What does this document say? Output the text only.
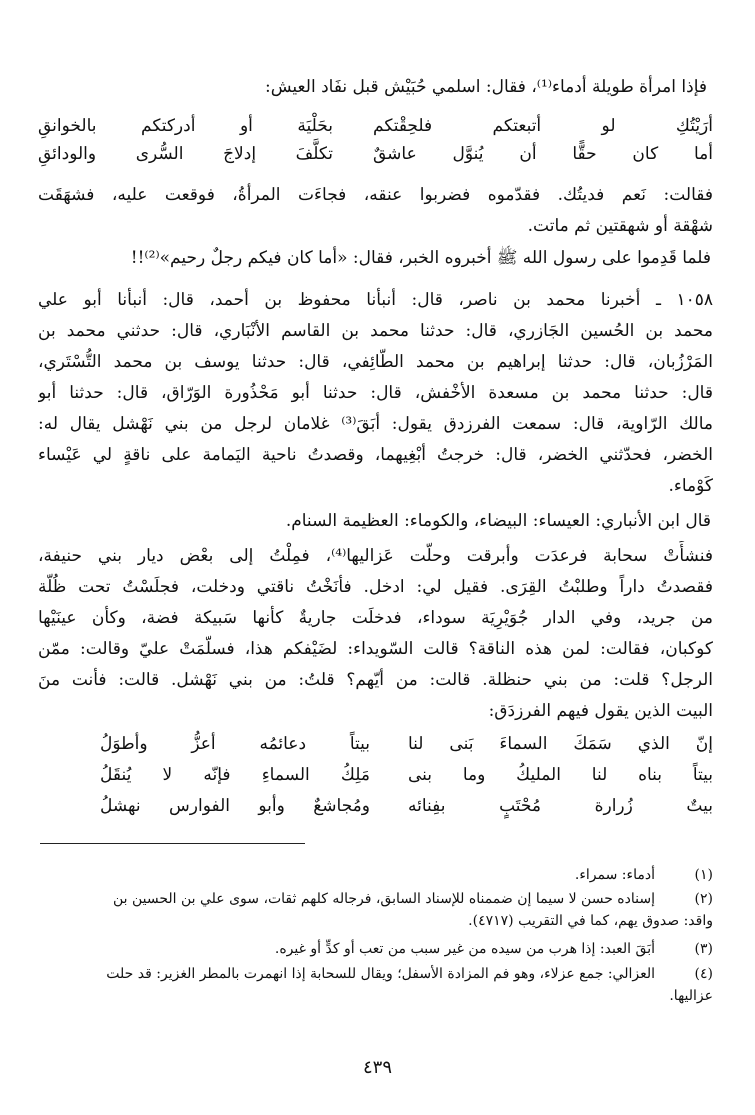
فإذا امرأة طويلة أدماء⁽¹⁾، فقال: اسلمي حُبَيْش قبل نفَاد العيش:
أرَيْتُكِ لو أتبعتكم فلحِقْتكم
بحَلْيَة أو أدركتكم بالخوانقِ
أما كان حقًّا أن يُنوَّل عاشقٌ
تكلَّفَ إدلاجَ السُّرى والودائقِ
فقالت: نَعم فديتُك. فقدّموه فضربوا عنقه، فجاءَت المرأةُ، فوقعت عليه، فشهَقَت
شهْقة أو شهقتين ثم ماتت.
فلما قَدِموا على رسول الله ﷺ أخبروه الخبر، فقال: «أما كان فيكم رجلٌ رحيم»⁽²⁾!!
١٠٥٨ ـ أخبرنا محمد بن ناصر، قال: أنبأنا محفوظ بن أحمد، قال: أنبأنا أبو علي
محمد بن الحُسين الجَازري، قال: حدثنا محمد بن القاسم الأنْبَاري، قال: حدثني محمد بن
المَرْزُبان، قال: حدثنا إبراهيم بن محمد الطّائِفي، قال: حدثنا يوسف بن محمد التُّسْتَري،
قال: حدثنا محمد بن مسعدة الأخْفش، قال: حدثنا أبو مَحْذُورة الوَرّاق، قال: حدثنا أبو
مالك الرّاوية، قال: سمعت الفرزدق يقول: أبَقَ⁽³⁾ غلامان لرجل من بني نَهْشل يقال له:
الخضر، فحدّثني الخضر، قال: خرجتُ أبْغِيهما، وقصدتُ ناحية اليَمامة على ناقةٍ لي عَيْساء
كَوْماء.
قال ابن الأنباري: العيساء: البيضاء، والكوماء: العظيمة السنام.
فنشأَتْ سحابة فرعدَت وأبرقت وحلّت عَزاليها⁽⁴⁾، فمِلْتُ إلى بعْض ديار بني حنيفة،
فقصدتُ داراً وطلبْتُ القِرَى. فقيل لي: ادخل. فأنَخْتُ ناقتي ودخلت، فجلَسْتُ تحت ظُلّة
من جريد، وفي الدار جُوَيْرِيَة سوداء، فدخلَت جاريةٌ كأنها سَبيكة فضة، وكأن عينَيْها
كوكبان، فقالت: لمن هذه الناقة؟ قالت السّويداء: لضَيْفكم هذا، فسلّمَتْ عليّ وقالت: ممّن
الرجل؟ قلت: من بني حنظلة. قالت: من أيّهم؟ قلتُ: من بني نَهْشل. قالت: فأنت منَ
البيت الذين يقول فيهم الفرزدَق:
إنّ الذي سَمَكَ السماءَ بَنى لنا
بيتاً دعائمُه أعزُّ وأطوَلُ
بيتاً بناه لنا المليكُ وما بنى
مَلِكُ السماءِ فإنّه لا يُنقَلُ
بيتٌ زُرارة مُحْتَبٍ بفِنائه
ومُجاشعٌ وأبو الفوارس نهشلُ
(١)
أدماء: سمراء.
(٢)
إسناده حسن لا سيما إن ضممناه للإسناد السابق، فرجاله كلهم ثقات، سوى علي بن الحسين بن
واقد: صدوق يهم، كما في التقريب (٤٧١٧).
(٣)
أبَقَ العبد: إذا هرب من سيده من غير سبب من تعب أو كدٍّ أو غيره.
(٤)
العزالي: جمع عزلاء، وهو فم المزادة الأسفل؛ ويقال للسحابة إذا انهمرت بالمطر الغزير: قد حلت
عزاليها.
٤٣٩
